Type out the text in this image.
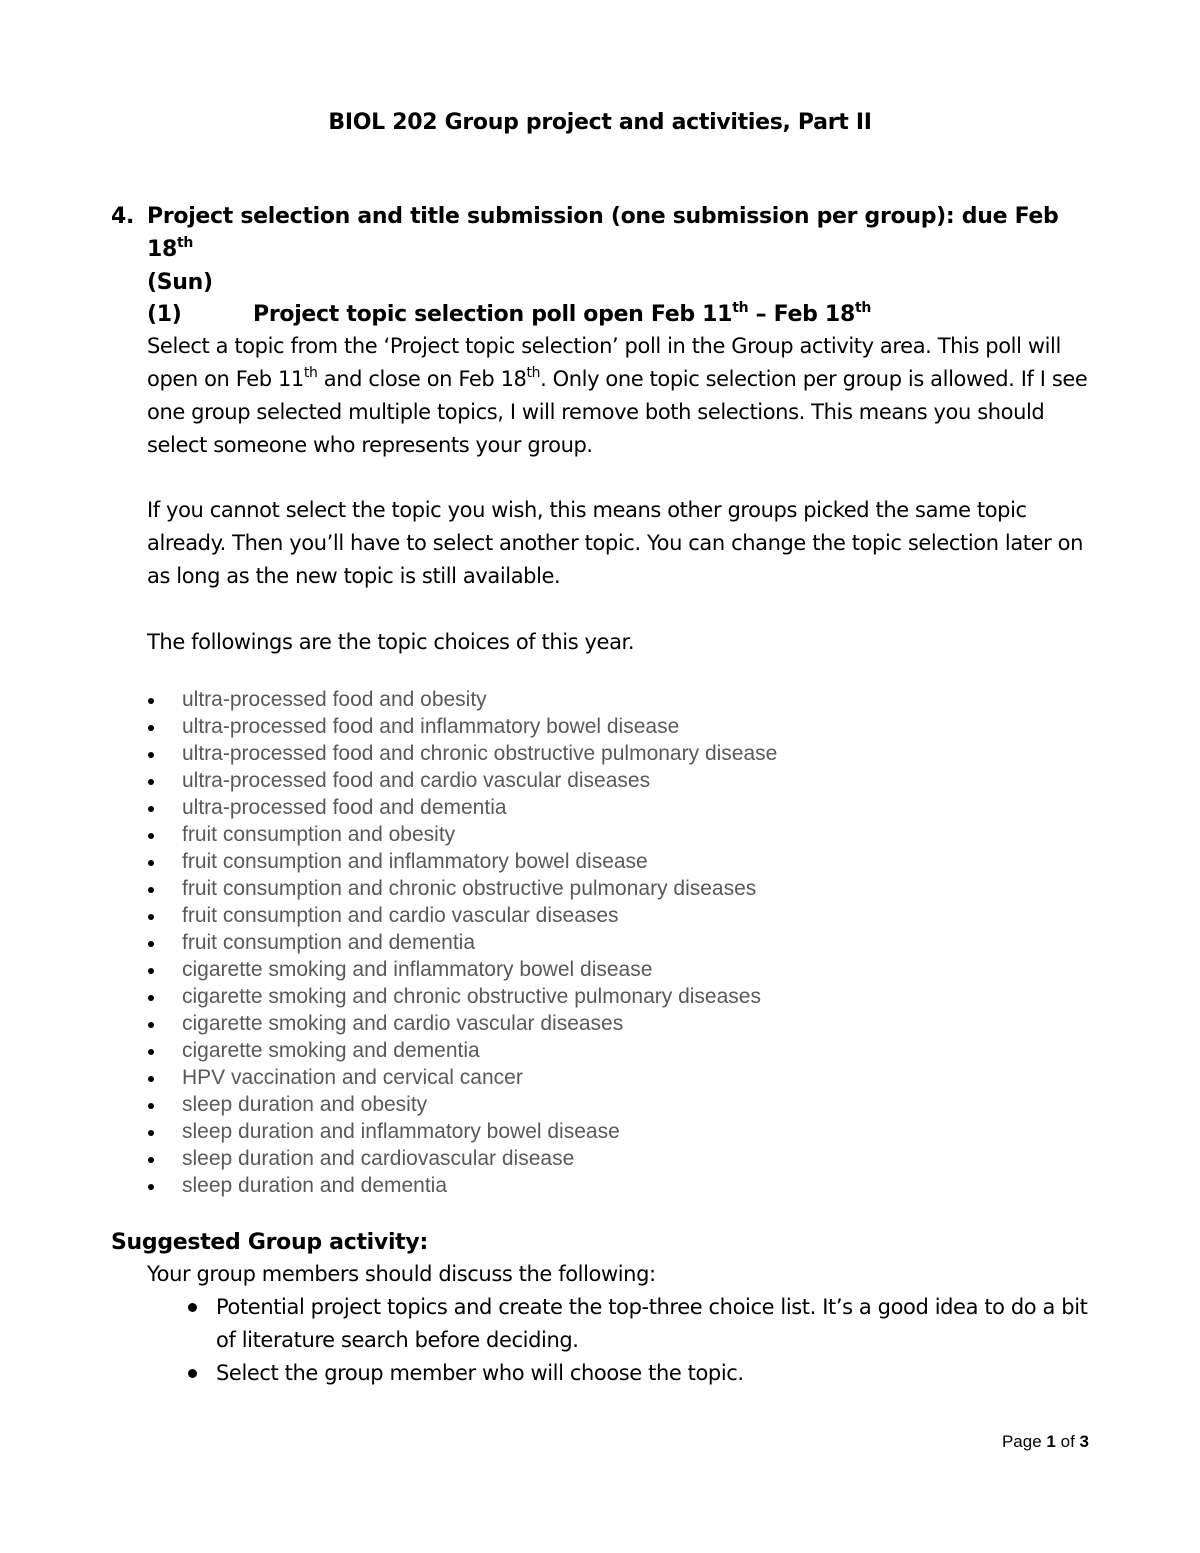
BIOL 202 Group project and activities, Part II
4. Project selection and title submission (one submission per group): due Feb 18th
(Sun)
(1)	Project topic selection poll open Feb 11th – Feb 18th

Select a topic from the ‘Project topic selection’ poll in the Group activity area. This poll will open on Feb 11th and close on Feb 18th. Only one topic selection per group is allowed. If I see one group selected multiple topics, I will remove both selections. This means you should select someone who represents your group.

If you cannot select the topic you wish, this means other groups picked the same topic already. Then you’ll have to select another topic. You can change the topic selection later on as long as the new topic is still available.

The followings are the topic choices of this year.

ultra-processed food and obesity
ultra-processed food and inflammatory bowel disease
ultra-processed food and chronic obstructive pulmonary disease
ultra-processed food and cardio vascular diseases
ultra-processed food and dementia
fruit consumption and obesity
fruit consumption and inflammatory bowel disease
fruit consumption and chronic obstructive pulmonary diseases
fruit consumption and cardio vascular diseases
fruit consumption and dementia
cigarette smoking and inflammatory bowel disease
cigarette smoking and chronic obstructive pulmonary diseases
cigarette smoking and cardio vascular diseases
cigarette smoking and dementia
HPV vaccination and cervical cancer
sleep duration and obesity
sleep duration and inflammatory bowel disease
sleep duration and cardiovascular disease
sleep duration and dementia
Suggested Group activity:
Your group members should discuss the following:
Potential project topics and create the top-three choice list. It’s a good idea to do a bit of literature search before deciding.
Select the group member who will choose the topic.
Page 1 of 3
